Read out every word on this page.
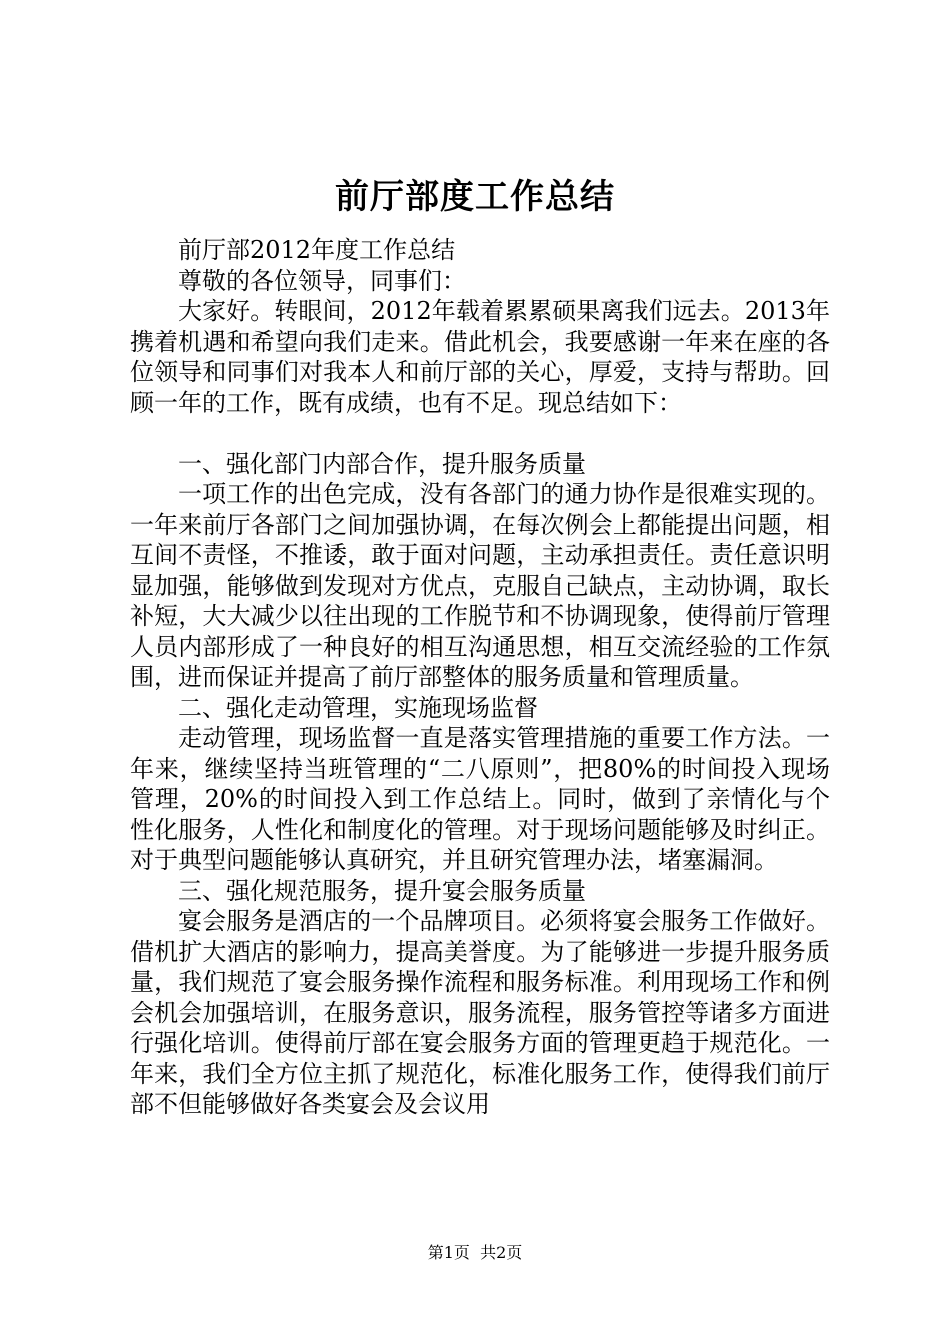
前厅部度工作总结

前厅部2012年度工作总结

尊敬的各位领导，同事们：

大家好。转眼间，2012年载着累累硕果离我们远去。2013年携着机遇和希望向我们走来。借此机会，我要感谢一年来在座的各位领导和同事们对我本人和前厅部的关心，厚爱，支持与帮助。回顾一年的工作，既有成绩，也有不足。现总结如下：

一、强化部门内部合作，提升服务质量

一项工作的出色完成，没有各部门的通力协作是很难实现的。一年来前厅各部门之间加强协调，在每次例会上都能提出问题，相互间不责怪，不推诿，敢于面对问题，主动承担责任。责任意识明显加强，能够做到发现对方优点，克服自己缺点，主动协调，取长补短，大大减少以往出现的工作脱节和不协调现象，使得前厅管理人员内部形成了一种良好的相互沟通思想，相互交流经验的工作氛围，进而保证并提高了前厅部整体的服务质量和管理质量。

二、强化走动管理，实施现场监督

走动管理，现场监督一直是落实管理措施的重要工作方法。一年来，继续坚持当班管理的“二八原则”，把80%的时间投入现场管理，20%的时间投入到工作总结上。同时，做到了亲情化与个性化服务，人性化和制度化的管理。对于现场问题能够及时纠正。对于典型问题能够认真研究，并且研究管理办法，堵塞漏洞。

三、强化规范服务，提升宴会服务质量

宴会服务是酒店的一个品牌项目。必须将宴会服务工作做好。借机扩大酒店的影响力，提高美誉度。为了能够进一步提升服务质量，我们规范了宴会服务操作流程和服务标准。利用现场工作和例会机会加强培训，在服务意识，服务流程，服务管控等诸多方面进行强化培训。使得前厅部在宴会服务方面的管理更趋于规范化。一年来，我们全方位主抓了规范化，标准化服务工作，使得我们前厅部不但能够做好各类宴会及会议用

第1页 共2页
